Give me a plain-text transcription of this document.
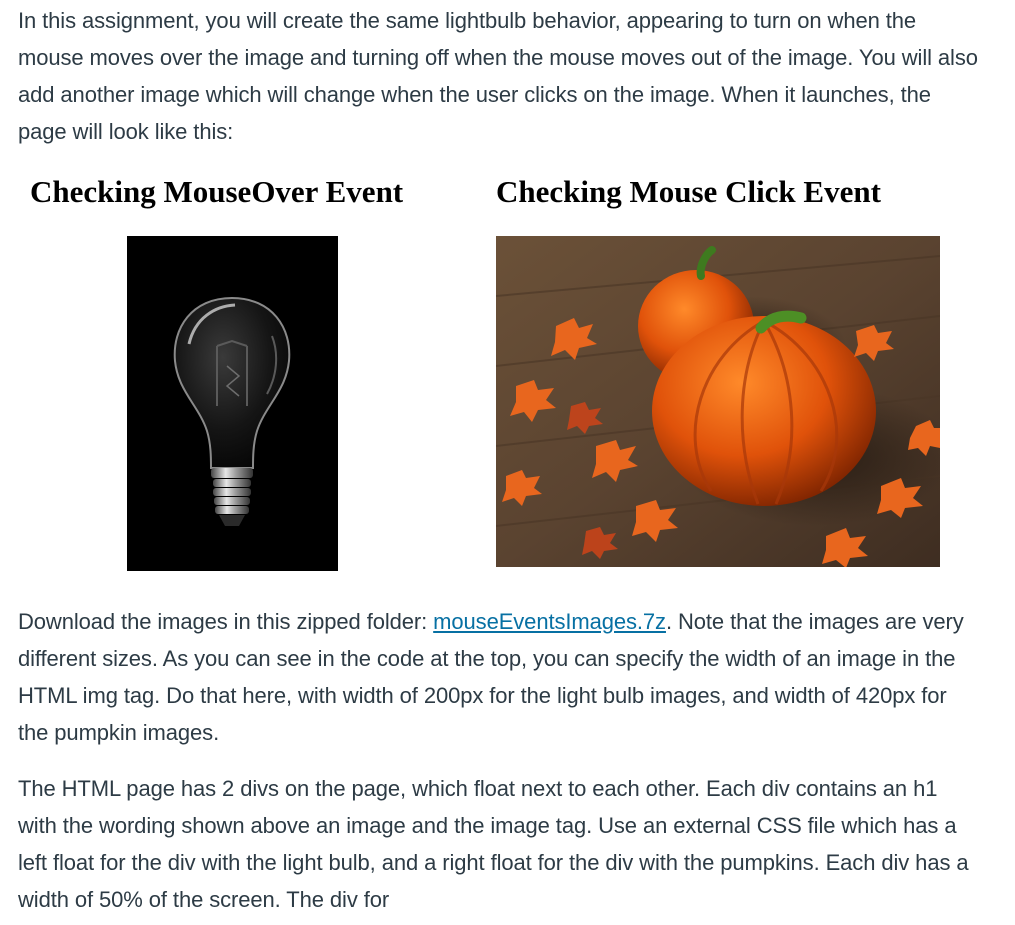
In this assignment, you will create the same lightbulb behavior, appearing to turn on when the mouse moves over the image and turning off when the mouse moves out of the image. You will also add another image which will change when the user clicks on the image. When it launches, the page will look like this:

Checking MouseOver Event	Checking Mouse Click Event

Download the images in this zipped folder: mouseEventsImages.7z. Note that the images are very different sizes. As you can see in the code at the top, you can specify the width of an image in the HTML img tag. Do that here, with width of 200px for the light bulb images, and width of 420px for the pumpkin images.

The HTML page has 2 divs on the page, which float next to each other. Each div contains an h1 with the wording shown above an image and the image tag. Use an external CSS file which has a left float for the div with the light bulb, and a right float for the div with the pumpkins. Each div has a width of 50% of the screen. The div for
